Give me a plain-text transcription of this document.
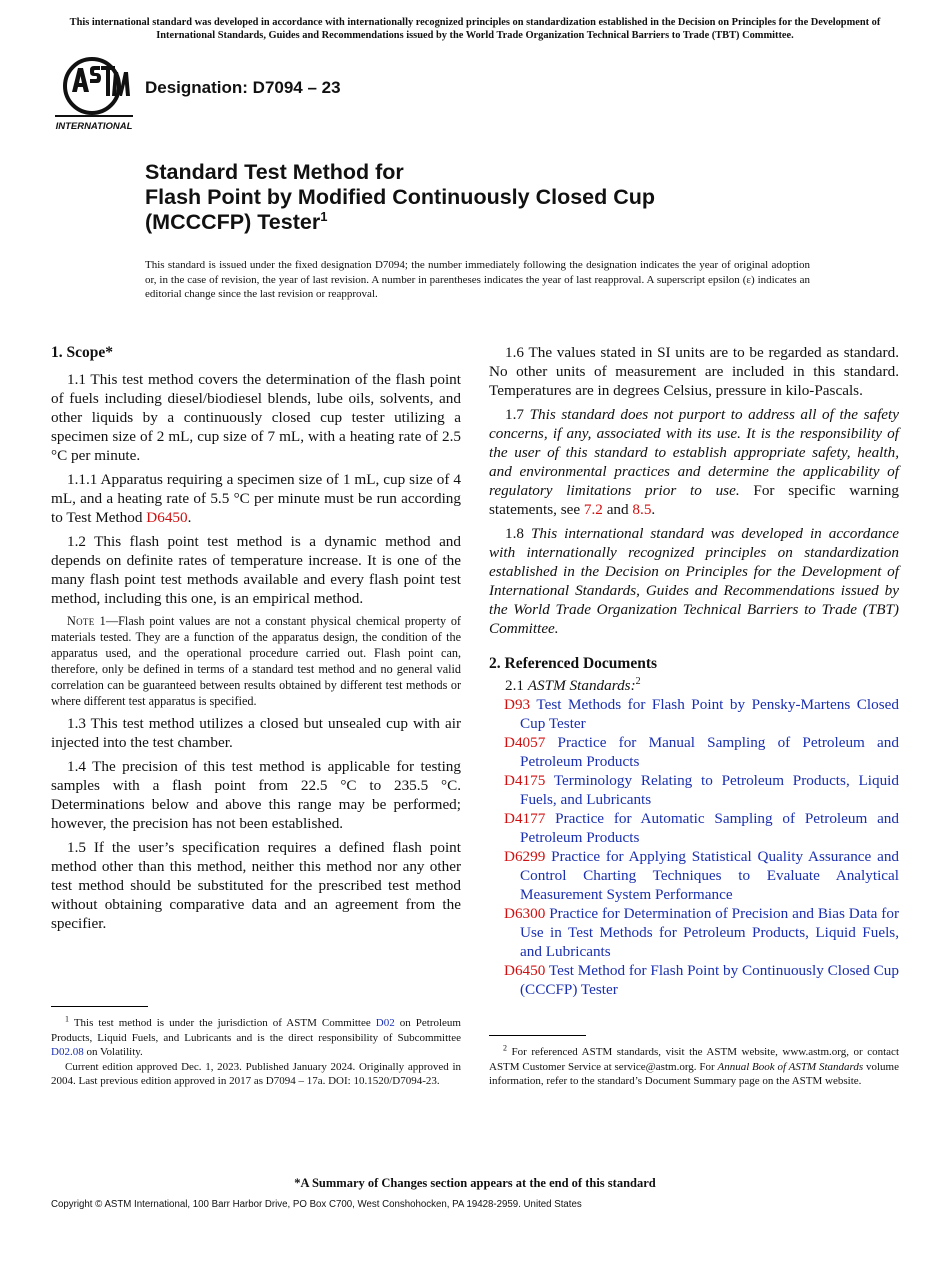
This international standard was developed in accordance with internationally recognized principles on standardization established in the Decision on Principles for the Development of International Standards, Guides and Recommendations issued by the World Trade Organization Technical Barriers to Trade (TBT) Committee.
INTERNATIONAL
Designation: D7094 – 23
Standard Test Method for
Flash Point by Modified Continuously Closed Cup
(MCCCFP) Tester$^1$
This standard is issued under the fixed designation D7094; the number immediately following the designation indicates the year of original adoption or, in the case of revision, the year of last revision. A number in parentheses indicates the year of last reapproval. A superscript epsilon (ε) indicates an editorial change since the last revision or reapproval.
1. Scope*

1.1 This test method covers the determination of the flash point of fuels including diesel/biodiesel blends, lube oils, solvents, and other liquids by a continuously closed cup tester utilizing a specimen size of 2 mL, cup size of 7 mL, with a heating rate of 2.5 °C per minute.

1.1.1 Apparatus requiring a specimen size of 1 mL, cup size of 4 mL, and a heating rate of 5.5 °C per minute must be run according to Test Method D6450.

1.2 This flash point test method is a dynamic method and depends on definite rates of temperature increase. It is one of the many flash point test methods available and every flash point test method, including this one, is an empirical method.

Note 1—Flash point values are not a constant physical chemical property of materials tested. They are a function of the apparatus design, the condition of the apparatus used, and the operational procedure carried out. Flash point can, therefore, only be defined in terms of a standard test method and no general valid correlation can be guaranteed between results obtained by different test methods or where different test apparatus is specified.

1.3 This test method utilizes a closed but unsealed cup with air injected into the test chamber.

1.4 The precision of this test method is applicable for testing samples with a flash point from 22.5 °C to 235.5 °C. Determinations below and above this range may be performed; however, the precision has not been established.

1.5 If the user’s specification requires a defined flash point method other than this method, neither this method nor any other test method should be substituted for the prescribed test method without obtaining comparative data and an agreement from the specifier.

1.6 The values stated in SI units are to be regarded as standard. No other units of measurement are included in this standard. Temperatures are in degrees Celsius, pressure in kilo-Pascals.

1.7 This standard does not purport to address all of the safety concerns, if any, associated with its use. It is the responsibility of the user of this standard to establish appropriate safety, health, and environmental practices and determine the applicability of regulatory limitations prior to use. For specific warning statements, see 7.2 and 8.5.

1.8 This international standard was developed in accordance with internationally recognized principles on standardization established in the Decision on Principles for the Development of International Standards, Guides and Recommendations issued by the World Trade Organization Technical Barriers to Trade (TBT) Committee.

2. Referenced Documents
2.1 ASTM Standards:$^2$
D93 Test Methods for Flash Point by Pensky-Martens Closed Cup Tester
D4057 Practice for Manual Sampling of Petroleum and Petroleum Products
D4175 Terminology Relating to Petroleum Products, Liquid Fuels, and Lubricants
D4177 Practice for Automatic Sampling of Petroleum and Petroleum Products
D6299 Practice for Applying Statistical Quality Assurance and Control Charting Techniques to Evaluate Analytical Measurement System Performance
D6300 Practice for Determination of Precision and Bias Data for Use in Test Methods for Petroleum Products, Liquid Fuels, and Lubricants
D6450 Test Method for Flash Point by Continuously Closed Cup (CCCFP) Tester

$^1$ This test method is under the jurisdiction of ASTM Committee D02 on Petroleum Products, Liquid Fuels, and Lubricants and is the direct responsibility of Subcommittee D02.08 on Volatility.

Current edition approved Dec. 1, 2023. Published January 2024. Originally approved in 2004. Last previous edition approved in 2017 as D7094 – 17a. DOI: 10.1520/D7094-23.

$^2$ For referenced ASTM standards, visit the ASTM website, www.astm.org, or contact ASTM Customer Service at service@astm.org. For Annual Book of ASTM Standards volume information, refer to the standard’s Document Summary page on the ASTM website.

*A Summary of Changes section appears at the end of this standard
Copyright © ASTM International, 100 Barr Harbor Drive, PO Box C700, West Conshohocken, PA 19428-2959. United States
